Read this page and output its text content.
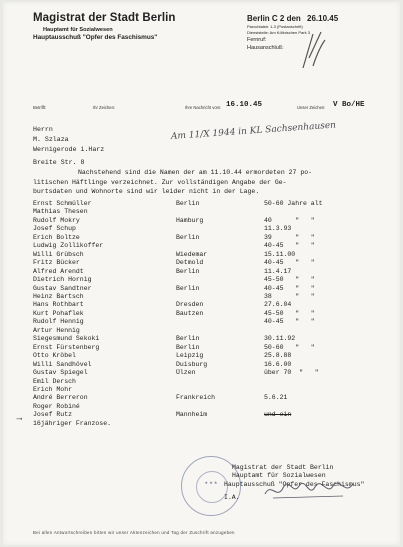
Magistrat der Stadt Berlin
Hauptamt für Sozialwesen
Hauptausschuß "Opfer des Faschismus"
Berlin C 2 den 26.10.45
Parochialstr. 1-3 (Postanschrift)
Dienststelle: Am Köllnischen Park 3
Fernruf:
Hausanschluß:
Betrifft:	Ihr Zeichen:	Ihre Nachricht vom: 16.10.45	Unser Zeichen: V Bo/HE
Herrn
M. Szlaza
Wernigerode i.Harz
Breite Str. 8
Am 11/X 1944 in KL Sachsenhausen
Nachstehend sind die Namen der am 11.10.44 ermordeten 27 po-
litischen Häftlinge verzeichnet. Zur vollständigen Angabe der Ge-
burtsdaten und Wohnorte sind wir leider nicht in der Lage.
Ernst Schmüller	Berlin	50-60 Jahre alt
Mathias Thesen		
Rudolf Mokry	Hamburg	40      "   "
Josef Schup		11.3.93
Erich Boltze	Berlin	39      "   "
Ludwig Zollikoffer		40-45   "   "
Willi Grübsch	Wiedemar	15.11.00
Fritz Bücker	Detmold	40-45   "   "
Alfred Arendt	Berlin	11.4.17
Dietrich Hornig		45-50   "   "
Gustav Sandtner	Berlin	40-45   "   "
Heinz Bartsch		38      "   "
Hans Rothbart	Dresden	27.6.04
Kurt Pohaflek	Bautzen	45-50   "   "
Rudolf Hennig		40-45   "   "
Artur Hennig		
Siegesmund Sekoki	Berlin	30.11.92
Ernst Fürstenberg	Berlin	50-60   "   "
Otto Kröbel	Leipzig	25.8.88
Willi Sandhövel	Duisburg	16.6.00
Gustav Spiegel	Ülzen	über 70  "   "
Emil Dersch		
Erich Mohr		
André Berreron	Frankreich	5.6.21
Roger Robiné		
Josef Rutz	Mannheim	und ein
16jähriger Franzose.		
★ ★ ★
Magistrat der Stadt Berlin
Hauptamt für Sozialwesen
Hauptausschuß "Opfer des Faschismus"
I.A.
⟶
Bei allen Antwortschreiben bitten wir unser Aktenzeichen und Tag der Zuschrift anzugeben
